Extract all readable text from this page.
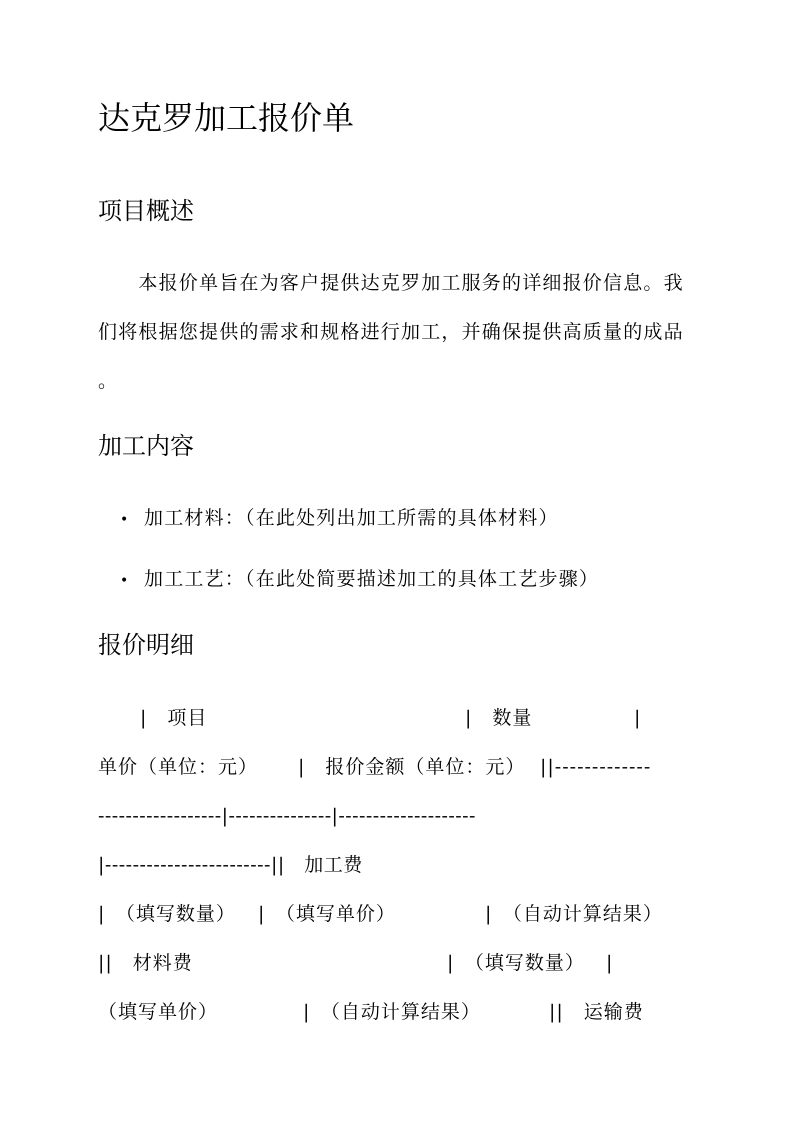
达克罗加工报价单
项目概述

　　本报价单旨在为客户提供达克罗加工服务的详细报价信息。我

们将根据您提供的需求和规格进行加工，并确保提供高质量的成品

。

加工内容
• 加工材料：（在此处列出加工所需的具体材料）
• 加工工艺：（在此处简要描述加工的具体工艺步骤）
报价明细
|　项目	|　数量	|
单价（单位：元） |　报价金额（单位：元） ||-------------
------------------|---------------|--------------------
|------------------------||　加工费
|　（填写数量） |　（填写单价）	|　（自动计算结果）
||　材料费	|　（填写数量） |
（填写单价）	|　（自动计算结果）	||　运输费
